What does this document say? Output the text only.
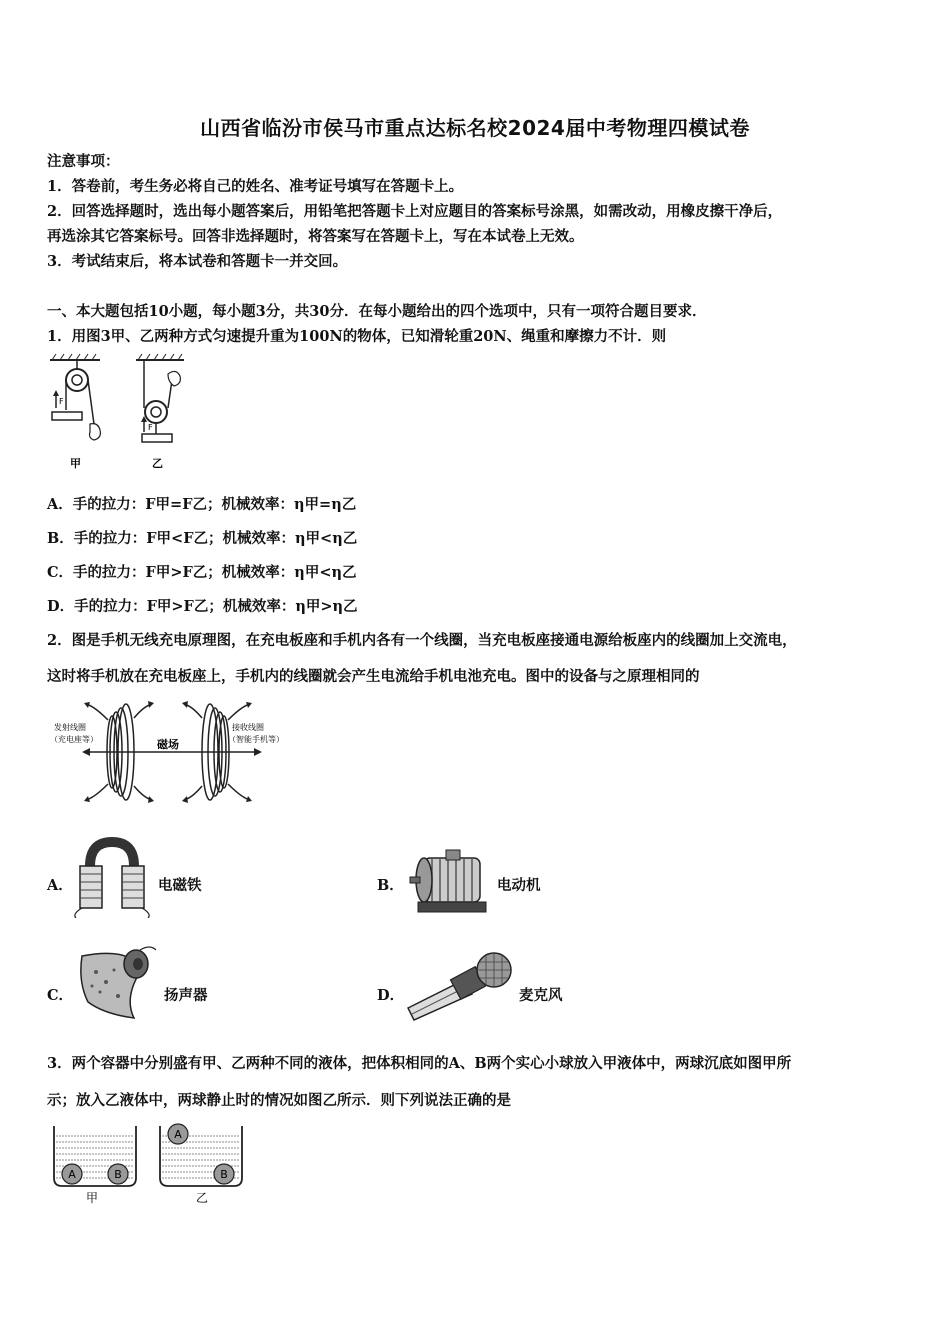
山西省临汾市侯马市重点达标名校2024届中考物理四模试卷
注意事项：
1．答卷前，考生务必将自己的姓名、准考证号填写在答题卡上。
2．回答选择题时，选出每小题答案后，用铅笔把答题卡上对应题目的答案标号涂黑，如需改动，用橡皮擦干净后，
再选涂其它答案标号。回答非选择题时，将答案写在答题卡上，写在本试卷上无效。
3．考试结束后，将本试卷和答题卡一并交回。
一、本大题包括10小题，每小题3分，共30分．在每小题给出的四个选项中，只有一项符合题目要求．
1．用图3甲、乙两种方式匀速提升重为100N的物体，已知滑轮重20N、绳重和摩擦力不计．则
F
甲
F
乙
A．手的拉力：F甲=F乙；机械效率：η甲=η乙
B．手的拉力：F甲<F乙；机械效率：η甲<η乙
C．手的拉力：F甲>F乙；机械效率：η甲<η乙
D．手的拉力：F甲>F乙；机械效率：η甲>η乙
2．图是手机无线充电原理图，在充电板座和手机内各有一个线圈，当充电板座接通电源给板座内的线圈加上交流电，
这时将手机放在充电板座上，手机内的线圈就会产生电流给手机电池充电。图中的设备与之原理相同的
磁场
发射线圈
（充电座等）
接收线圈
（智能手机等）
A．	电磁铁	B．	电动机
C．	扬声器	D．	麦克风
3．两个容器中分别盛有甲、乙两种不同的液体，把体积相同的A、B两个实心小球放入甲液体中，两球沉底如图甲所
示；放入乙液体中，两球静止时的情况如图乙所示．则下列说法正确的是
A	B
甲
A
B
乙
